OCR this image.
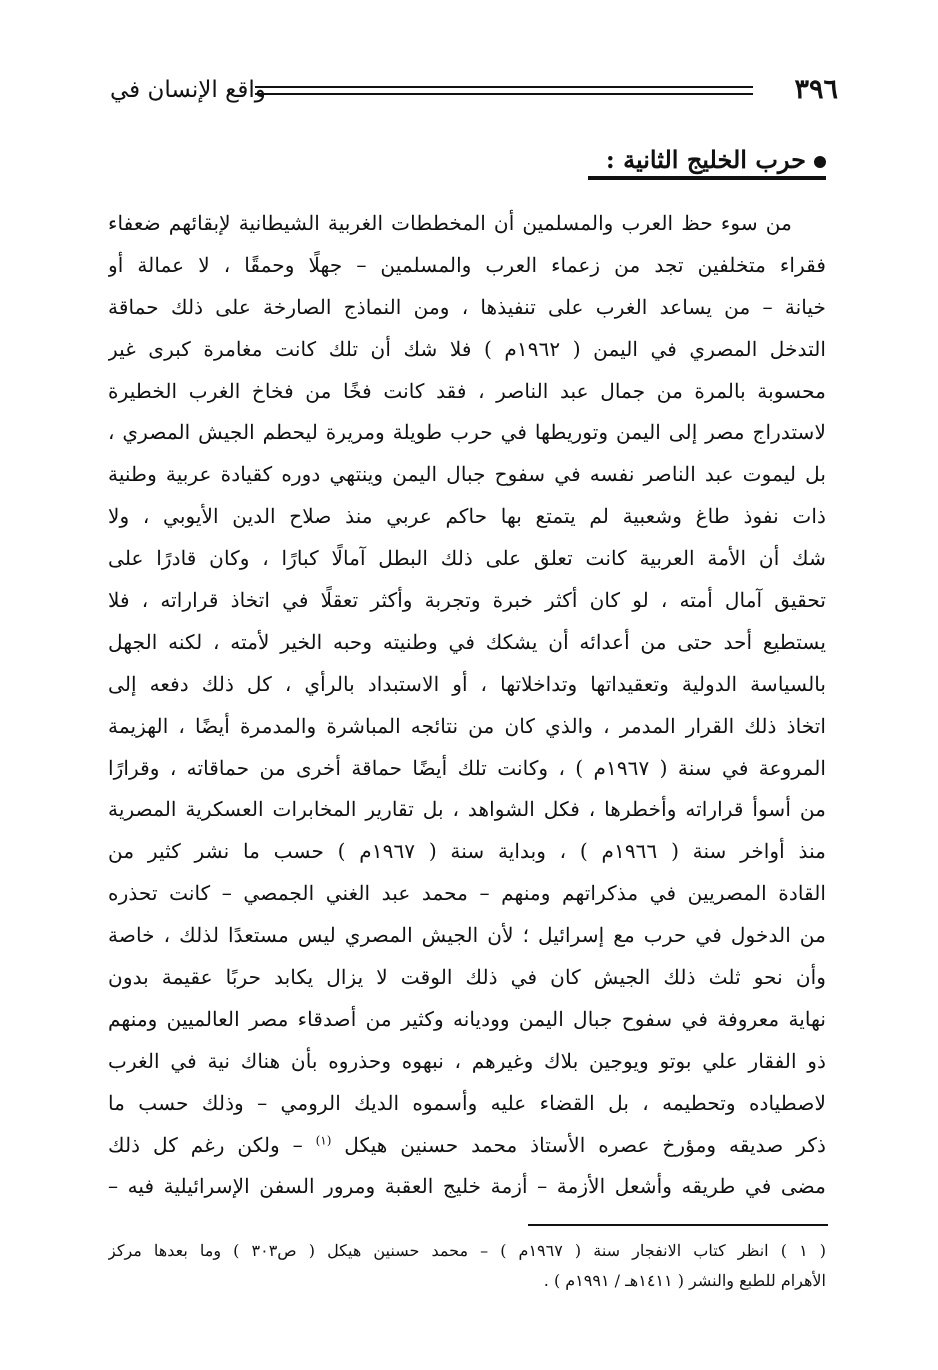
٣٩٦
واقع الإنسان في
حرب الخليج الثانية :
من سوء حظ العرب والمسلمين أن المخططات الغربية الشيطانية لإبقائهم ضعفاء
فقراء متخلفين تجد من زعماء العرب والمسلمين – جهلًا وحمقًا ، لا عمالة أو
خيانة – من يساعد الغرب على تنفيذها ، ومن النماذج الصارخة على ذلك حماقة
التدخل المصري في اليمن ( ١٩٦٢م ) فلا شك أن تلك كانت مغامرة كبرى غير
محسوبة بالمرة من جمال عبد الناصر ، فقد كانت فخًا من فخاخ الغرب الخطيرة
لاستدراج مصر إلى اليمن وتوريطها في حرب طويلة ومريرة ليحطم الجيش المصري ،
بل ليموت عبد الناصر نفسه في سفوح جبال اليمن وينتهي دوره كقيادة عربية وطنية
ذات نفوذ طاغ وشعبية لم يتمتع بها حاكم عربي منذ صلاح الدين الأيوبي ، ولا
شك أن الأمة العربية كانت تعلق على ذلك البطل آمالًا كبارًا ، وكان قادرًا على
تحقيق آمال أمته ، لو كان أكثر خبرة وتجربة وأكثر تعقلًا في اتخاذ قراراته ، فلا
يستطيع أحد حتى من أعدائه أن يشكك في وطنيته وحبه الخير لأمته ، لكنه الجهل
بالسياسة الدولية وتعقيداتها وتداخلاتها ، أو الاستبداد بالرأي ، كل ذلك دفعه إلى
اتخاذ ذلك القرار المدمر ، والذي كان من نتائجه المباشرة والمدمرة أيضًا ، الهزيمة
المروعة في سنة ( ١٩٦٧م ) ، وكانت تلك أيضًا حماقة أخرى من حماقاته ، وقرارًا
من أسوأ قراراته وأخطرها ، فكل الشواهد ، بل تقارير المخابرات العسكرية المصرية
منذ أواخر سنة ( ١٩٦٦م ) ، وبداية سنة ( ١٩٦٧م ) حسب ما نشر كثير من
القادة المصريين في مذكراتهم ومنهم – محمد عبد الغني الجمصي – كانت تحذره
من الدخول في حرب مع إسرائيل ؛ لأن الجيش المصري ليس مستعدًا لذلك ، خاصة
وأن نحو ثلث ذلك الجيش كان في ذلك الوقت لا يزال يكابد حربًا عقيمة بدون
نهاية معروفة في سفوح جبال اليمن ووديانه وكثير من أصدقاء مصر العالميين ومنهم
ذو الفقار علي بوتو ويوجين بلاك وغيرهم ، نبهوه وحذروه بأن هناك نية في الغرب
لاصطياده وتحطيمه ، بل القضاء عليه وأسموه الديك الرومي – وذلك حسب ما
ذكر صديقه ومؤرخ عصره الأستاذ محمد حسنين هيكل $^{(١)}$ – ولكن رغم كل ذلك
مضى في طريقه وأشعل الأزمة – أزمة خليج العقبة ومرور السفن الإسرائيلية فيه –
( ١ ) انظر كتاب الانفجار سنة ( ١٩٦٧م ) – محمد حسنين هيكل ( ص٣٠٣ ) وما بعدها مركز
الأهرام للطبع والنشر ( ١٤١١هـ / ١٩٩١م ) .
